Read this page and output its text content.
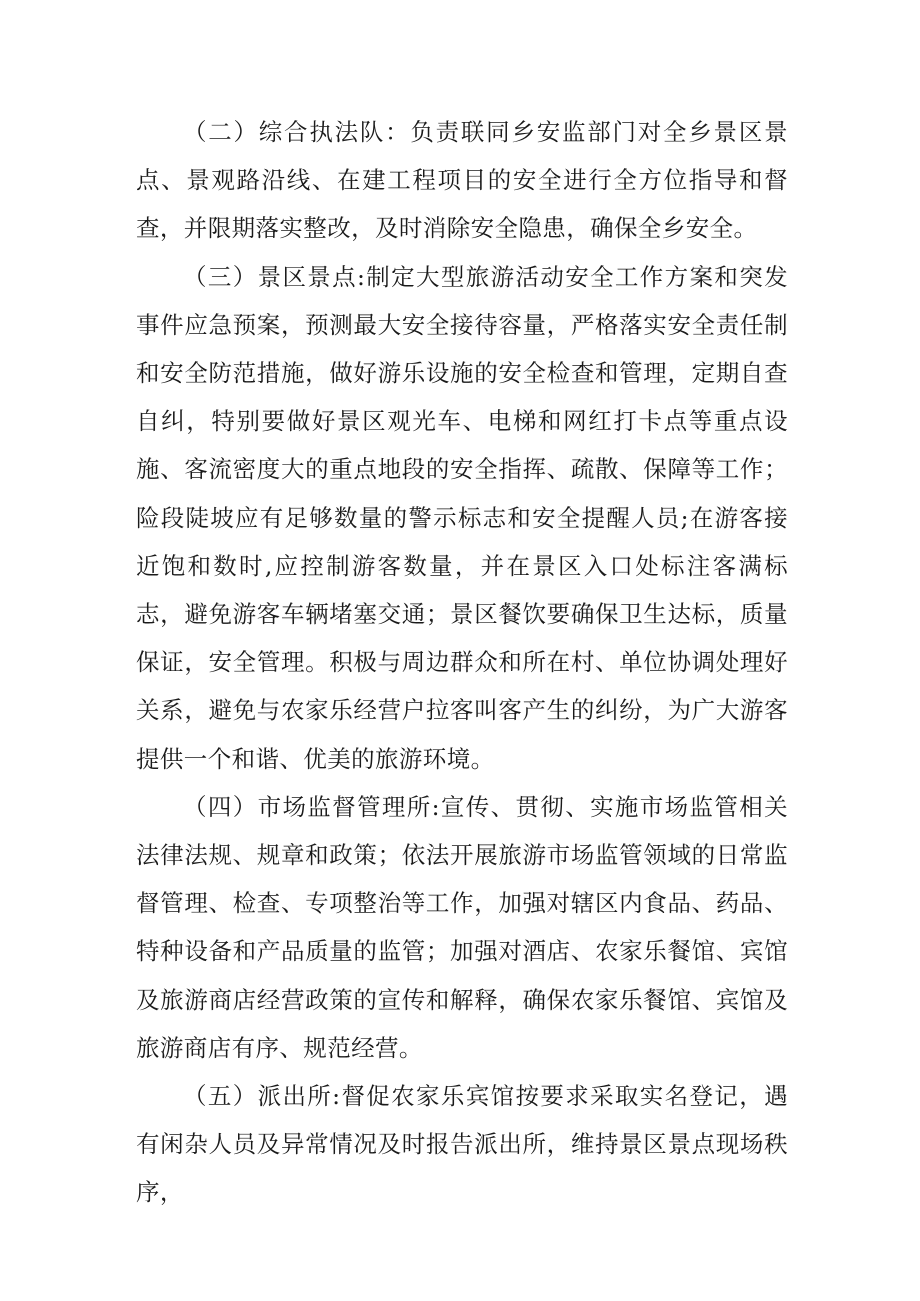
（二）综合执法队：负责联同乡安监部门对全乡景区景点、景观路沿线、在建工程项目的安全进行全方位指导和督查，并限期落实整改，及时消除安全隐患，确保全乡安全。

（三）景区景点:制定大型旅游活动安全工作方案和突发事件应急预案，预测最大安全接待容量，严格落实安全责任制和安全防范措施，做好游乐设施的安全检查和管理，定期自查自纠，特别要做好景区观光车、电梯和网红打卡点等重点设施、客流密度大的重点地段的安全指挥、疏散、保障等工作；险段陡坡应有足够数量的警示标志和安全提醒人员;在游客接近饱和数时,应控制游客数量，并在景区入口处标注客满标志，避免游客车辆堵塞交通；景区餐饮要确保卫生达标，质量保证，安全管理。积极与周边群众和所在村、单位协调处理好关系，避免与农家乐经营户拉客叫客产生的纠纷，为广大游客提供一个和谐、优美的旅游环境。

（四）市场监督管理所:宣传、贯彻、实施市场监管相关法律法规、规章和政策；依法开展旅游市场监管领域的日常监督管理、检查、专项整治等工作，加强对辖区内食品、药品、特种设备和产品质量的监管；加强对酒店、农家乐餐馆、宾馆及旅游商店经营政策的宣传和解释，确保农家乐餐馆、宾馆及旅游商店有序、规范经营。

（五）派出所:督促农家乐宾馆按要求采取实名登记，遇有闲杂人员及异常情况及时报告派出所，维持景区景点现场秩序，
